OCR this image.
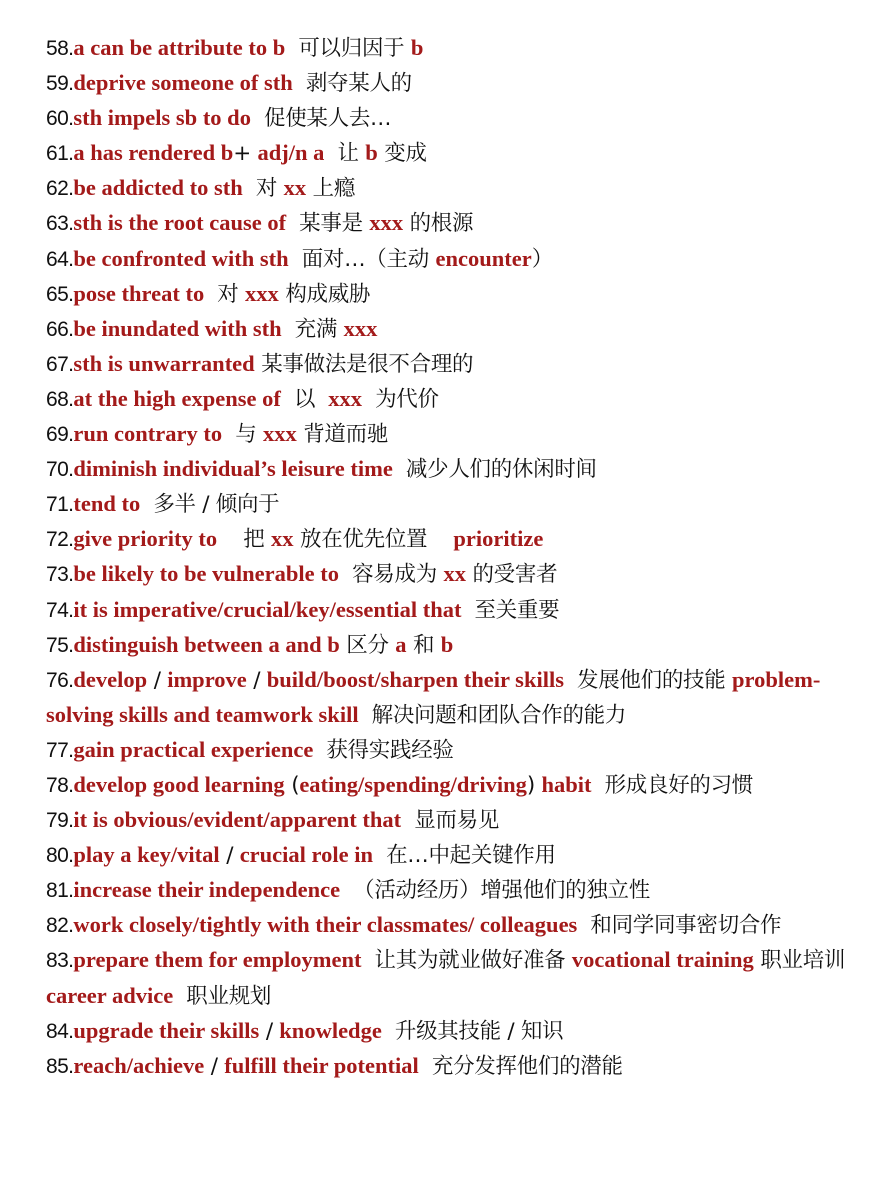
58.a can be attribute to b  可以归因于 b
59.deprive someone of sth  剥夺某人的
60.sth impels sb to do  促使某人去…
61.a has rendered b+ adj/n a  让 b 变成
62.be addicted to sth  对 xx 上瘾
63.sth is the root cause of  某事是 xxx 的根源
64.be confronted with sth  面对…（主动 encounter）
65.pose threat to  对 xxx 构成威胁
66.be inundated with sth  充满 xxx
67.sth is unwarranted 某事做法是很不合理的
68.at the high expense of  以  xxx  为代价
69.run contrary to  与 xxx 背道而驰
70.diminish individual’s leisure time  减少人们的休闲时间
71.tend to  多半 / 倾向于
72.give priority to    把 xx 放在优先位置    prioritize
73.be likely to be vulnerable to  容易成为 xx 的受害者
74.it is imperative/crucial/key/essential that  至关重要
75.distinguish between a and b 区分 a 和 b
76.develop / improve / build/boost/sharpen their skills  发展他们的技能 problem-solving skills and teamwork skill  解决问题和团队合作的能力
77.gain practical experience  获得实践经验
78.develop good learning (eating/spending/driving) habit  形成良好的习惯
79.it is obvious/evident/apparent that  显而易见
80.play a key/vital / crucial role in  在…中起关键作用
81.increase their independence  （活动经历）增强他们的独立性
82.work closely/tightly with their classmates/ colleagues  和同学同事密切合作
83.prepare them for employment  让其为就业做好准备 vocational training 职业培训 career advice  职业规划
84.upgrade their skills / knowledge  升级其技能 / 知识
85.reach/achieve / fulfill their potential  充分发挥他们的潜能
